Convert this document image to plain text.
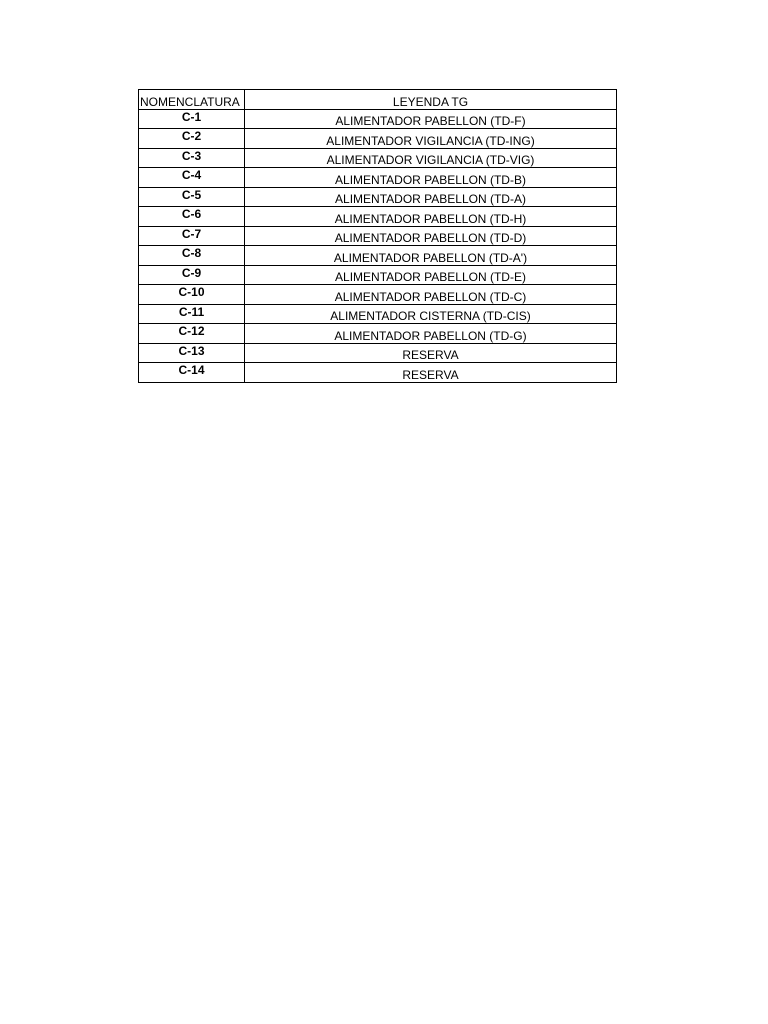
NOMENCLATURA	LEYENDA TG
C-1	ALIMENTADOR PABELLON (TD-F)
C-2	ALIMENTADOR VIGILANCIA (TD-ING)
C-3	ALIMENTADOR VIGILANCIA (TD-VIG)
C-4	ALIMENTADOR PABELLON (TD-B)
C-5	ALIMENTADOR PABELLON (TD-A)
C-6	ALIMENTADOR PABELLON (TD-H)
C-7	ALIMENTADOR PABELLON (TD-D)
C-8	ALIMENTADOR PABELLON (TD-A')
C-9	ALIMENTADOR PABELLON (TD-E)
C-10	ALIMENTADOR PABELLON (TD-C)
C-11	ALIMENTADOR CISTERNA (TD-CIS)
C-12	ALIMENTADOR PABELLON (TD-G)
C-13	RESERVA
C-14	RESERVA
